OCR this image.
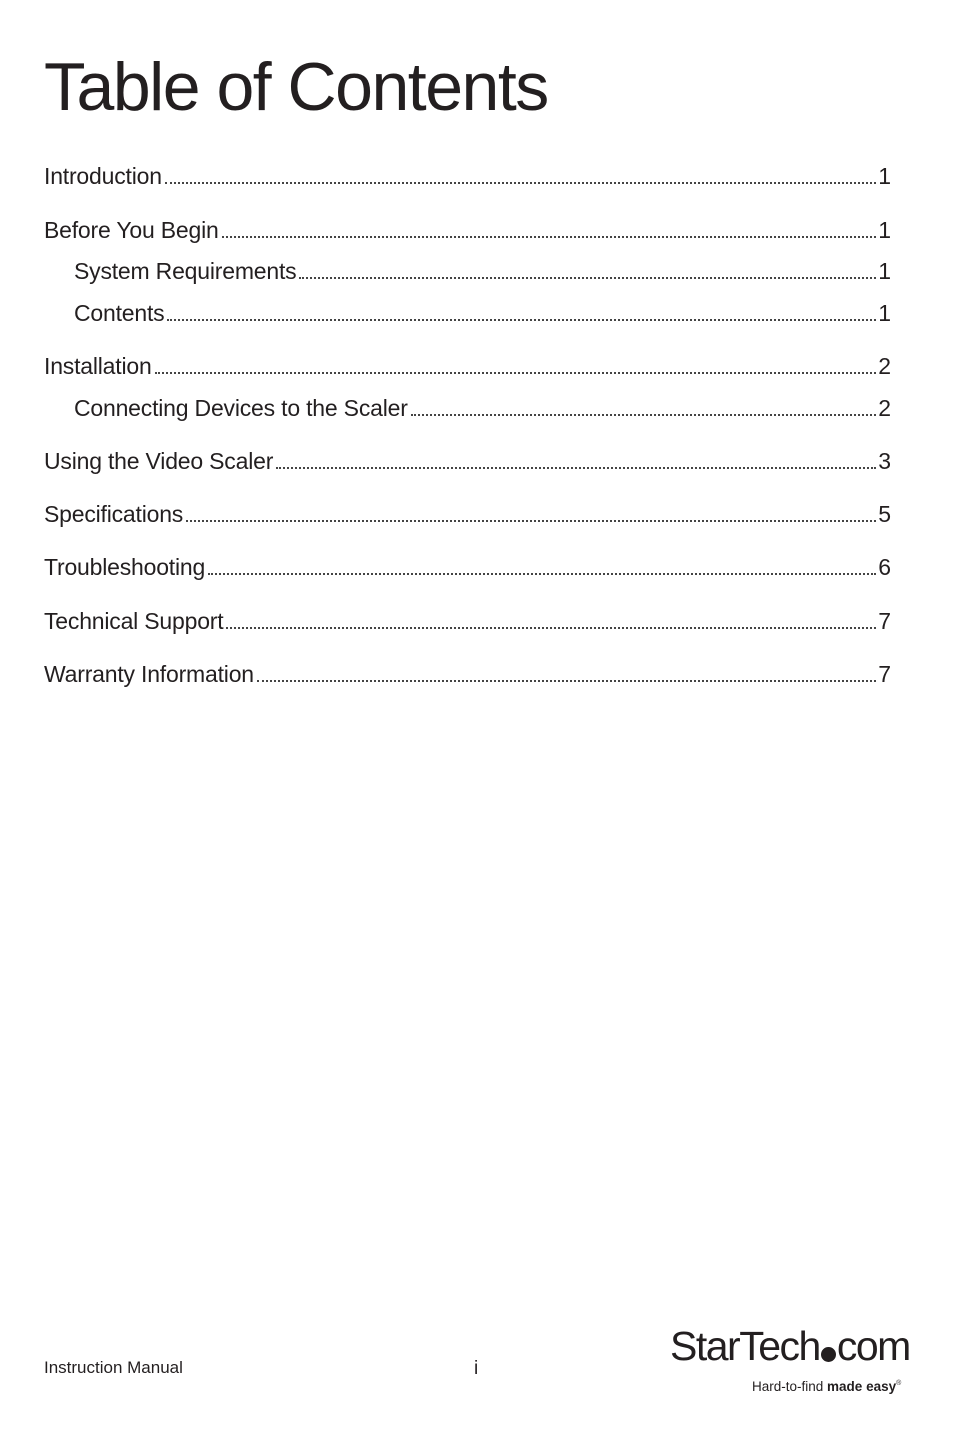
Table of Contents
Introduction	1
Before You Begin	1
System Requirements	1
Contents	1
Installation	2
Connecting Devices to the Scaler	2
Using the Video Scaler	3
Specifications	5
Troubleshooting	6
Technical Support	7
Warranty Information	7
Instruction Manual	i	StarTech com
Hard-to-find made easy®
